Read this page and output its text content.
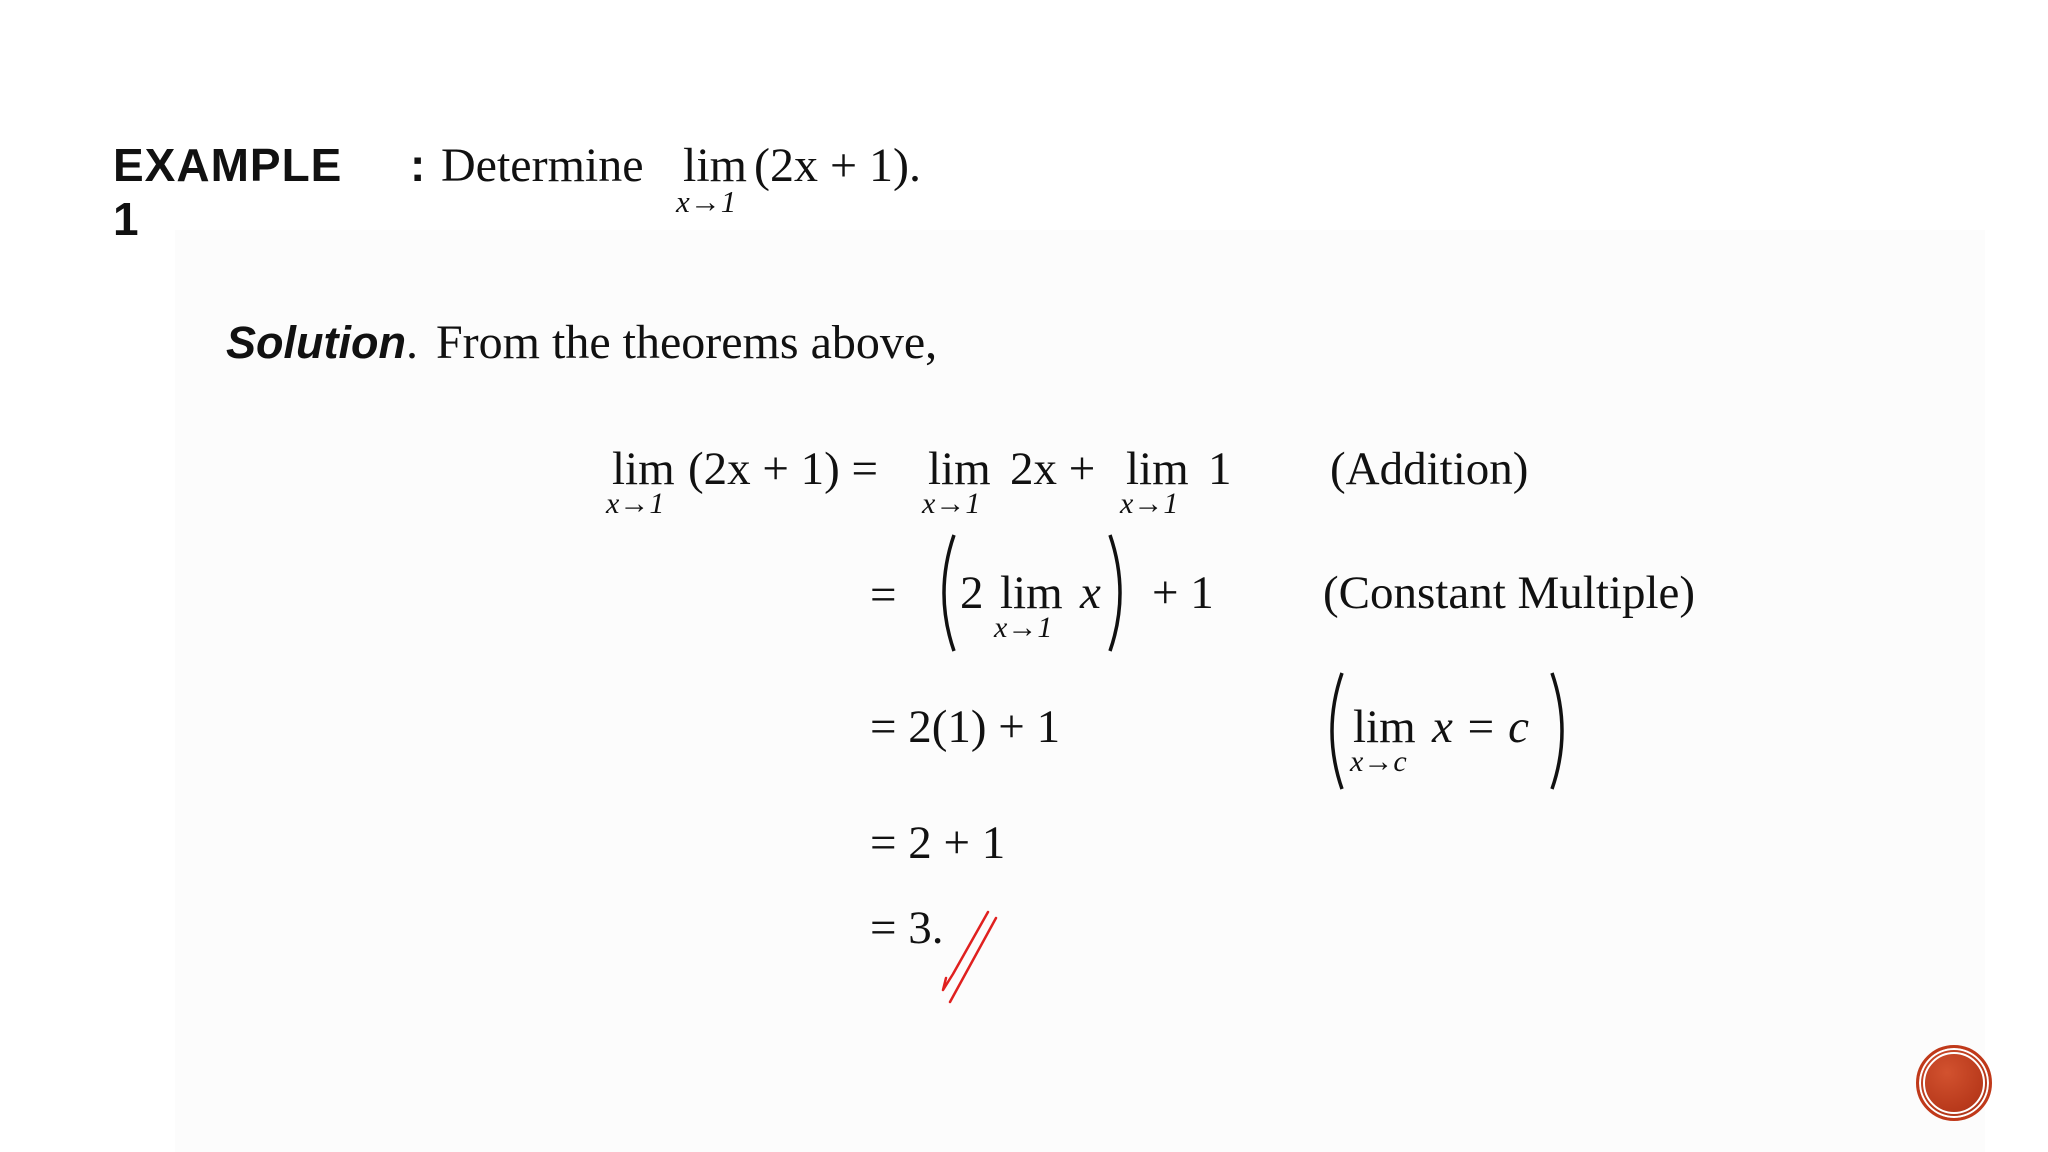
EXAMPLE 1
: Determine lim
x→1
(2x + 1).
Solution. From the theorems above,
lim
x→1
(2x + 1) = lim
x→1
2x + lim
x→1
1 (Addition)
= 2 lim
x→1
x + 1 (Constant Multiple)
= 2(1) + 1	lim
x→c
x = c
= 2 + 1
= 3.
